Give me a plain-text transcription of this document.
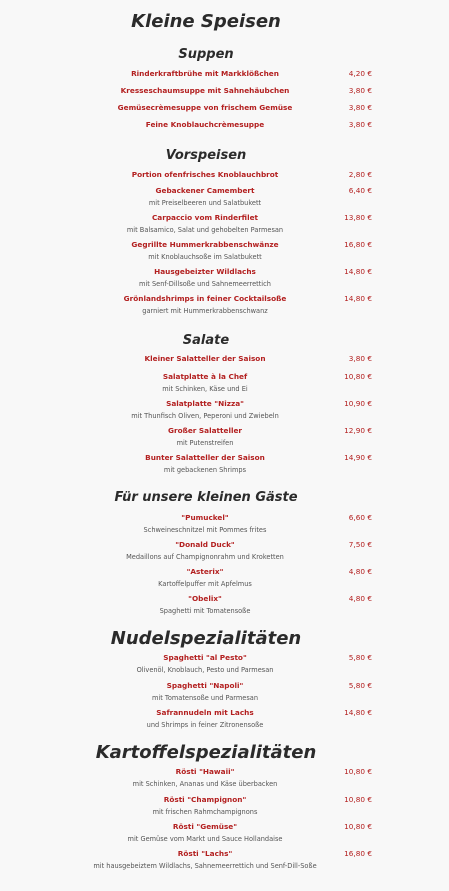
Kleine Speisen
Suppen
Rinderkraftbrühe mit Markklößchen	4,20 €
Kresseschaumsuppe mit Sahnehäubchen	3,80 €
Gemüsecrèmesuppe von frischem Gemüse	3,80 €
Feine Knoblauchcrèmesuppe	3,80 €
Vorspeisen
Portion ofenfrisches Knoblauchbrot	2,80 €
Gebackener Camembert	6,40 €
mit Preiselbeeren und Salatbukett
Carpaccio vom Rinderfilet	13,80 €
mit Balsamico, Salat und gehobelten Parmesan
Gegrillte Hummerkrabbenschwänze	16,80 €
mit Knoblauchsoße im Salatbukett
Hausgebeizter Wildlachs	14,80 €
mit Senf-Dillsoße und Sahnemeerrettich
Grönlandshrimps in feiner Cocktailsoße	14,80 €
garniert mit Hummerkrabbenschwanz
Salate
Kleiner Salatteller der Saison	3,80 €
Salatplatte à la Chef	10,80 €
mit Schinken, Käse und Ei
Salatplatte "Nizza"	10,90 €
mit Thunfisch Oliven, Peperoni und Zwiebeln
Großer Salatteller	12,90 €
mit Putenstreifen
Bunter Salatteller der Saison	14,90 €
mit gebackenen Shrimps
Für unsere kleinen Gäste
"Pumuckel"	6,60 €
Schweineschnitzel mit Pommes frites
"Donald Duck"	7,50 €
Medaillons auf Champignonrahm und Kroketten
"Asterix"	4,80 €
Kartoffelpuffer mit Apfelmus
"Obelix"	4,80 €
Spaghetti mit Tomatensoße
Nudelspezialitäten
Spaghetti "al Pesto"	5,80 €
Olivenöl, Knoblauch, Pesto und Parmesan
Spaghetti "Napoli"	5,80 €
mit Tomatensoße und Parmesan
Safrannudeln mit Lachs	14,80 €
und Shrimps in feiner Zitronensoße
Kartoffelspezialitäten
Rösti "Hawaii"	10,80 €
mit Schinken, Ananas und Käse überbacken
Rösti "Champignon"	10,80 €
mit frischen Rahmchampignons
Rösti "Gemüse"	10,80 €
mit Gemüse vom Markt und Sauce Hollandaise
Rösti "Lachs"	16,80 €
mit hausgebeiztem Wildlachs, Sahnemeerrettich und Senf-Dill-Soße
